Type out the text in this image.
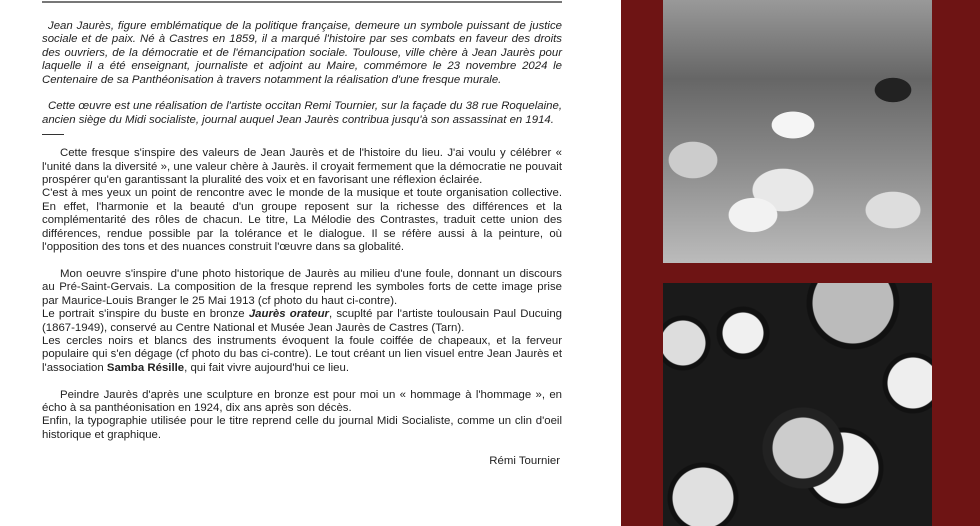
Jean Jaurès, figure emblématique de la politique française, demeure un symbole puissant de justice sociale et de paix. Né à Castres en 1859, il a marqué l'histoire par ses combats en faveur des droits des ouvriers, de la démocratie et de l'émancipation sociale. Toulouse, ville chère à Jean Jaurès pour laquelle il a été enseignant, journaliste et adjoint au Maire, commémore le 23 novembre 2024 le Centenaire de sa Panthéonisation à travers notamment la réalisation d'une fresque murale.

Cette œuvre est une réalisation de l'artiste occitan Remi Tournier, sur la façade du 38 rue Roquelaine, ancien siège du Midi socialiste, journal auquel Jean Jaurès contribua jusqu'à son assassinat en 1914.

Cette fresque s'inspire des valeurs de Jean Jaurès et de l'histoire du lieu. J'ai voulu y célébrer « l'unité dans la diversité », une valeur chère à Jaurès. il croyait fermement que la démocratie ne pouvait prospérer qu'en garantissant la pluralité des voix et en favorisant une réflexion éclairée.

C'est à mes yeux un point de rencontre avec le monde de la musique et toute organisation collective. En effet, l'harmonie et la beauté d'un groupe reposent sur la richesse des différences et la complémentarité des rôles de chacun. Le titre, La Mélodie des Contrastes, traduit cette union des différences, rendue possible par la tolérance et le dialogue. Il se réfère aussi à la peinture, où l'opposition des tons et des nuances construit l'œuvre dans sa globalité.

Mon oeuvre s'inspire d'une photo historique de Jaurès au milieu d'une foule, donnant un discours au Pré-Saint-Gervais. La composition de la fresque reprend les symboles forts de cette image prise par Maurice-Louis Branger le 25 Mai 1913 (cf photo du haut ci-contre).

Le portrait s'inspire du buste en bronze Jaurès orateur, scuplté par l'artiste toulousain Paul Ducuing (1867-1949), conservé au Centre National et Musée Jean Jaurès de Castres (Tarn).

Les cercles noirs et blancs des instruments évoquent la foule coiffée de chapeaux, et la ferveur populaire qui s'en dégage (cf photo du bas ci-contre). Le tout créant un lien visuel entre Jean Jaurès et l'association Samba Résille, qui fait vivre aujourd'hui ce lieu.

Peindre Jaurès d'après une sculpture en bronze est pour moi un « hommage à l'hommage », en écho à sa panthéonisation en 1924, dix ans après son décès.

Enfin, la typographie utilisée pour le titre reprend celle du journal Midi Socialiste, comme un clin d'oeil historique et graphique.

Rémi Tournier
